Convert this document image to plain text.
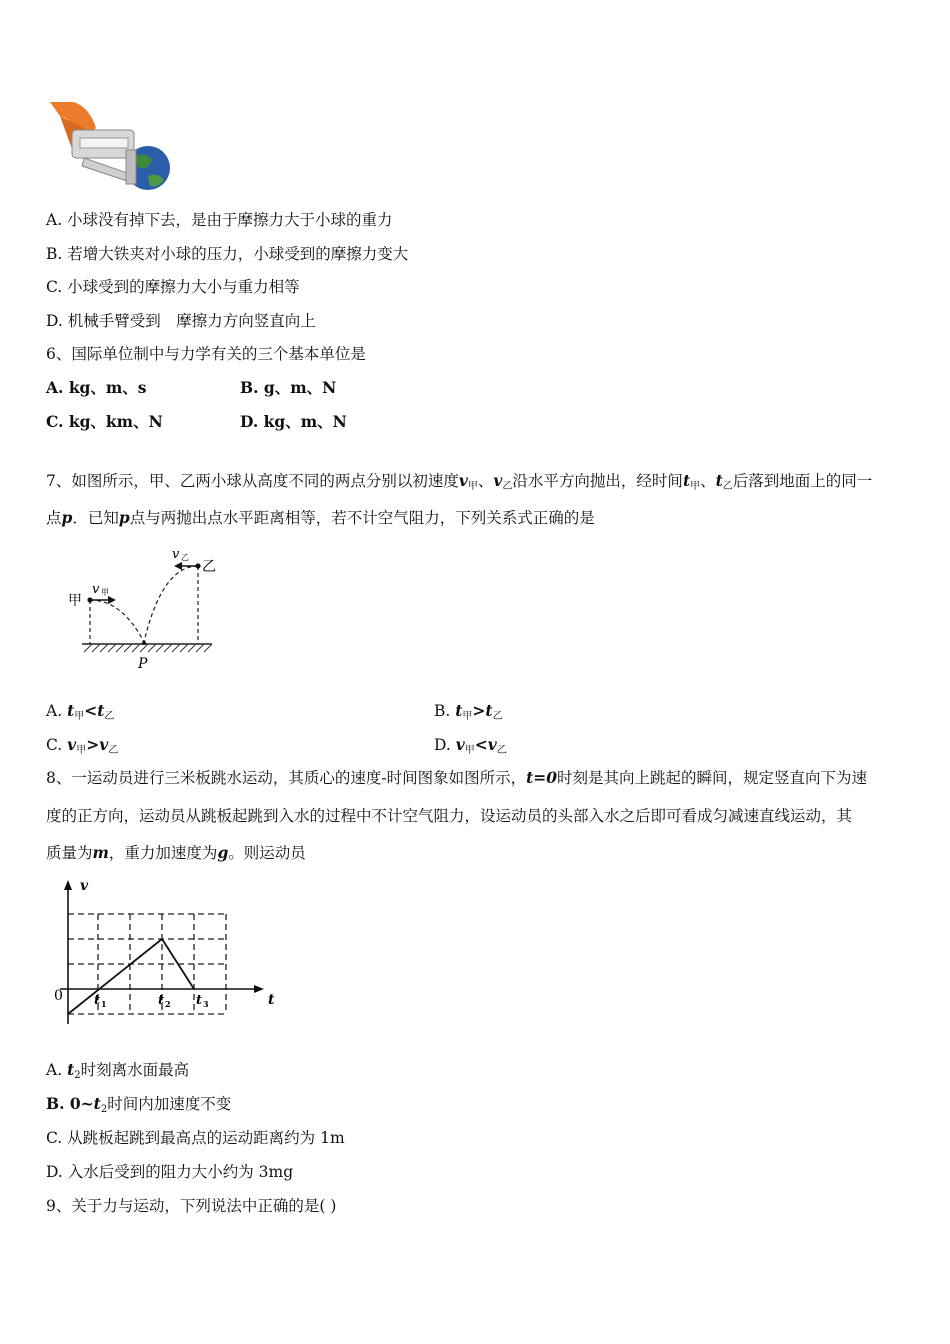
A. 小球没有掉下去，是由于摩擦力大于小球的重力
B. 若增大铁夹对小球的压力，小球受到的摩擦力变大
C. 小球受到的摩擦力大小与重力相等
D. 机械手臂受到　摩擦力方向竖直向上
6、国际单位制中与力学有关的三个基本单位是
A. kg、m、s	B. g、m、N
C. kg、km、N	D. kg、m、N
7、如图所示，甲、乙两小球从高度不同的两点分别以初速度$v_甲$、$v_乙$沿水平方向抛出，经时间$t_甲$、$t_乙$后落到地面上的同一
点p．已知p点与两抛出点水平距离相等，若不计空气阻力，下列关系式正确的是
甲
乙
v 甲
v 乙
P
A. $t_甲<t_乙$	B. $t_甲>t_乙$
C. $v_甲>v_乙$	D. $v_甲<v_乙$
8、一运动员进行三米板跳水运动，其质心的速度-时间图象如图所示，t=0时刻是其向上跳起的瞬间，规定竖直向下为速
度的正方向，运动员从跳板起跳到入水的过程中不计空气阻力，设运动员的头部入水之后即可看成匀减速直线运动，其
质量为m，重力加速度为g。则运动员
v
t
0 t 1	t 2 t 3
A. $t_2$时刻离水面最高
B. $0\sim t_2$时间内加速度不变
C. 从跳板起跳到最高点的运动距离约为 1m
D. 入水后受到的阻力大小约为 3mg
9、关于力与运动，下列说法中正确的是( )
